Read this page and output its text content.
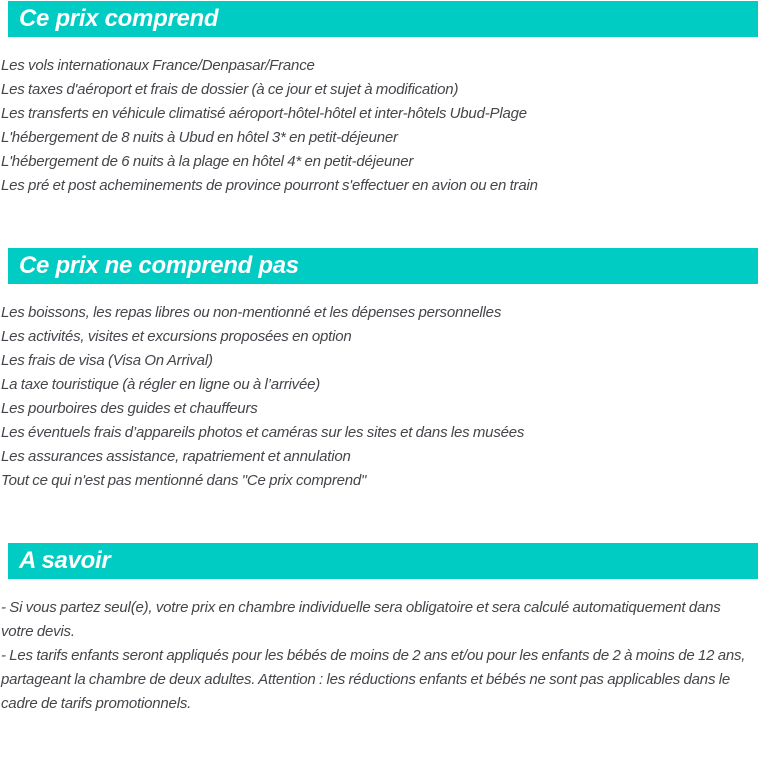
Ce prix comprend

Les vols internationaux France/Denpasar/France

Les taxes d'aéroport et frais de dossier (à ce jour et sujet à modification)

Les transferts en véhicule climatisé aéroport-hôtel-hôtel et inter-hôtels Ubud-Plage

L'hébergement de 8 nuits à Ubud en hôtel 3* en petit-déjeuner

L'hébergement de 6 nuits à la plage en hôtel 4* en petit-déjeuner

Les pré et post acheminements de province pourront s'effectuer en avion ou en train

Ce prix ne comprend pas

Les boissons, les repas libres ou non-mentionné et les dépenses personnelles

Les activités, visites et excursions proposées en option

Les frais de visa (Visa On Arrival)

La taxe touristique (à régler en ligne ou à l’arrivée)

Les pourboires des guides et chauffeurs

Les éventuels frais d’appareils photos et caméras sur les sites et dans les musées

Les assurances assistance, rapatriement et annulation

Tout ce qui n'est pas mentionné dans "Ce prix comprend"

A savoir

- Si vous partez seul(e), votre prix en chambre individuelle sera obligatoire et sera calculé automatiquement dans votre devis.

- Les tarifs enfants seront appliqués pour les bébés de moins de 2 ans et/ou pour les enfants de 2 à moins de 12 ans, partageant la chambre de deux adultes. Attention : les réductions enfants et bébés ne sont pas applicables dans le cadre de tarifs promotionnels.
